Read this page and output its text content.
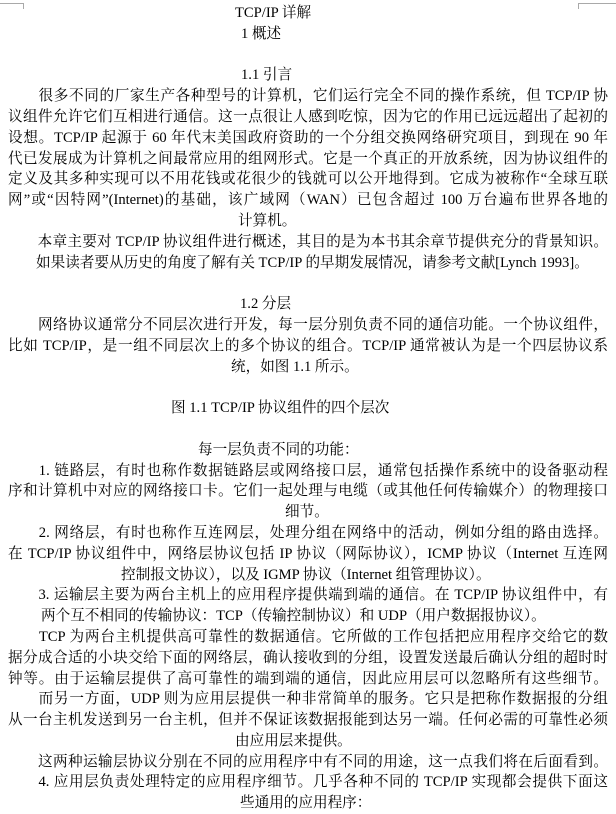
TCP/IP 详解
1 概述
1.1 引言
　　很多不同的厂家生产各种型号的计算机，它们运行完全不同的操作系统，但 TCP/IP 协
议组件允许它们互相进行通信。这一点很让人感到吃惊，因为它的作用已远远超出了起初的
设想。TCP/IP 起源于 60 年代末美国政府资助的一个分组交换网络研究项目，到现在 90 年
代已发展成为计算机之间最常应用的组网形式。它是一个真正的开放系统，因为协议组件的
定义及其多种实现可以不用花钱或花很少的钱就可以公开地得到。它成为被称作“全球互联
网”或“因特网”(Internet)的基础，该广域网（WAN）已包含超过 100 万台遍布世界各地的
计算机。
　　本章主要对 TCP/IP 协议组件进行概述，其目的是为本书其余章节提供充分的背景知识。
如果读者要从历史的角度了解有关 TCP/IP 的早期发展情况，请参考文献[Lynch 1993]。
1.2 分层
　　网络协议通常分不同层次进行开发，每一层分别负责不同的通信功能。一个协议组件，
比如 TCP/IP，是一组不同层次上的多个协议的组合。TCP/IP 通常被认为是一个四层协议系
统，如图 1.1 所示。
图 1.1 TCP/IP 协议组件的四个层次
每一层负责不同的功能：
　　1. 链路层，有时也称作数据链路层或网络接口层，通常包括操作系统中的设备驱动程
序和计算机中对应的网络接口卡。它们一起处理与电缆（或其他任何传输媒介）的物理接口
细节。
　　2. 网络层，有时也称作互连网层，处理分组在网络中的活动，例如分组的路由选择。
在 TCP/IP 协议组件中，网络层协议包括 IP 协议（网际协议），ICMP 协议（Internet 互连网
控制报文协议），以及 IGMP 协议（Internet 组管理协议）。
　　3. 运输层主要为两台主机上的应用程序提供端到端的通信。在 TCP/IP 协议组件中，有
两个互不相同的传输协议：TCP（传输控制协议）和 UDP（用户数据报协议）。
　　TCP 为两台主机提供高可靠性的数据通信。它所做的工作包括把应用程序交给它的数
据分成合适的小块交给下面的网络层，确认接收到的分组，设置发送最后确认分组的超时时
钟等。由于运输层提供了高可靠性的端到端的通信，因此应用层可以忽略所有这些细节。
　　而另一方面，UDP 则为应用层提供一种非常简单的服务。它只是把称作数据报的分组
从一台主机发送到另一台主机，但并不保证该数据报能到达另一端。任何必需的可靠性必须
由应用层来提供。
　　这两种运输层协议分别在不同的应用程序中有不同的用途，这一点我们将在后面看到。
　　4. 应用层负责处理特定的应用程序细节。几乎各种不同的 TCP/IP 实现都会提供下面这
些通用的应用程序：
